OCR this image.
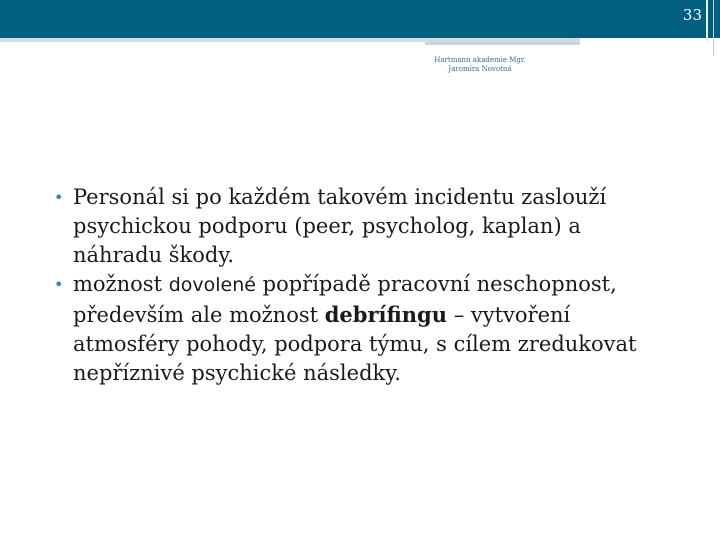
33
Hartmann akademie Mgr.
Jaromíra Novotná
• Personál si po každém takovém incidentu zaslouží psychickou podporu (peer, psycholog, kaplan) a náhradu škody.
• možnost dovolené popřípadě pracovní neschopnost, především ale možnost debrífingu – vytvoření atmosféry pohody, podpora týmu, s cílem zredukovat nepříznivé psychické následky.
